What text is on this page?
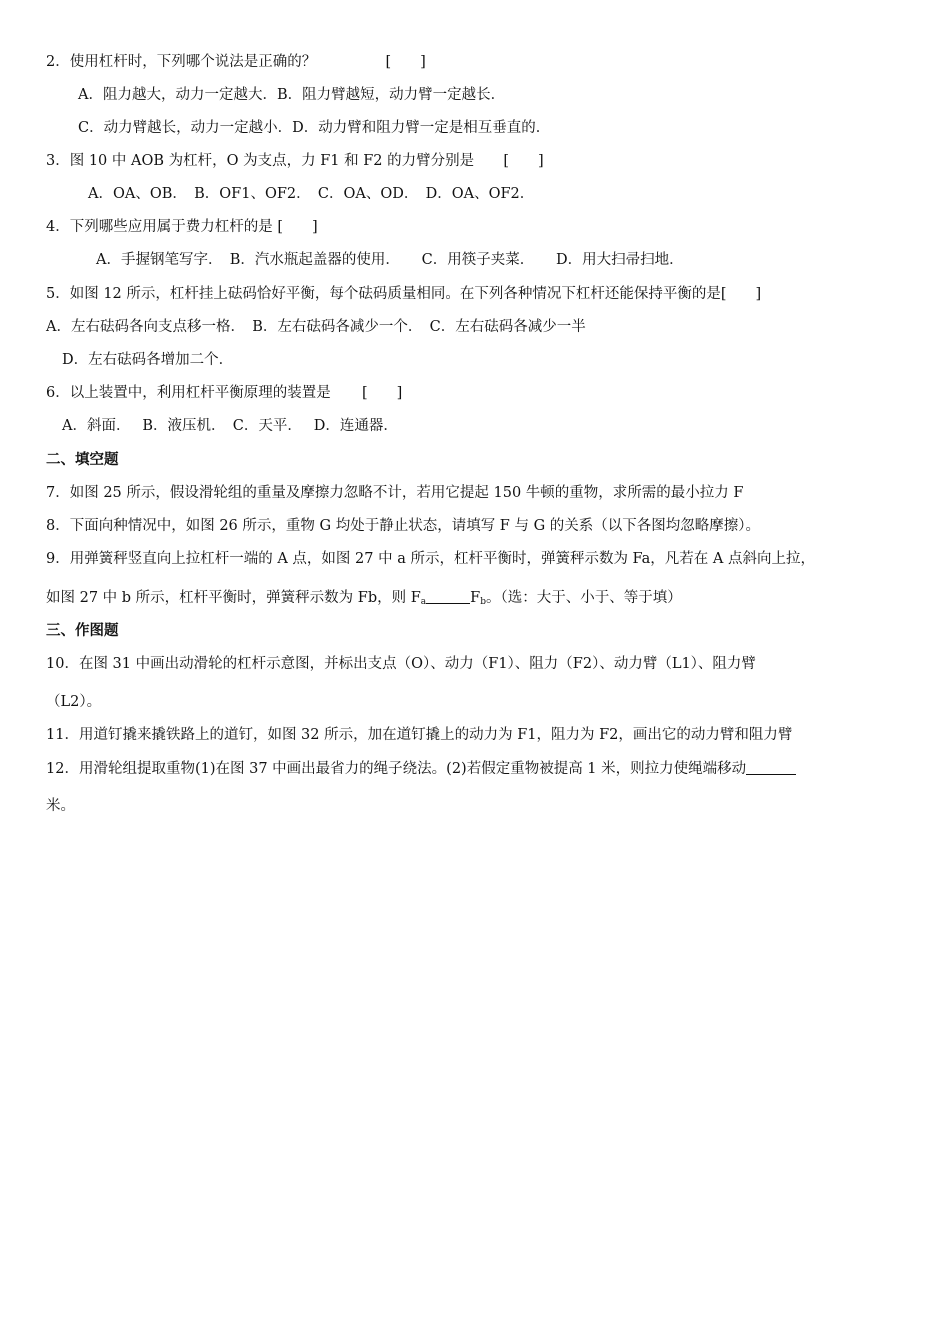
2．使用杠杆时，下列哪个说法是正确的？	[　　]
A．阻力越大，动力一定越大．B．阻力臂越短，动力臂一定越长．
C．动力臂越长，动力一定越小．D．动力臂和阻力臂一定是相互垂直的．
3．图 10 中 AOB 为杠杆，O 为支点，力 F1 和 F2 的力臂分别是 [　　]
A．OA、OB．　B．OF1、OF2．　C．OA、OD．　D．OA、OF2．
4．下列哪些应用属于费力杠杆的是 [　　]
A．手握钢笔写字．　B．汽水瓶起盖器的使用．　　C．用筷子夹菜．　　D．用大扫帚扫地．
5．如图 12 所示，杠杆挂上砝码恰好平衡，每个砝码质量相同。在下列各种情况下杠杆还能保持平衡的是[　　]
A．左右砝码各向支点移一格．　B．左右砝码各减少一个．　C．左右砝码各减少一半
D．左右砝码各增加二个．
6．以上装置中，利用杠杆平衡原理的装置是 [　　]
A．斜面．　 B．液压机．　C．天平．　 D．连通器．
二、填空题
7．如图 25 所示，假设滑轮组的重量及摩擦力忽略不计，若用它提起 150 牛顿的重物，求所需的最小拉力 F
8．下面向种情况中，如图 26 所示，重物 G 均处于静止状态，请填写 F 与 G 的关系（以下各图均忽略摩擦）。
9．用弹簧秤竖直向上拉杠杆一端的 A 点，如图 27 中 a 所示，杠杆平衡时，弹簧秤示数为 Fa，凡若在 A 点斜向上拉，
如图 27 中 b 所示，杠杆平衡时，弹簧秤示数为 Fb，则 $F_a$	$F_b$。（选：大于、小于、等于填）
三、作图题
10．在图 31 中画出动滑轮的杠杆示意图，并标出支点（O）、动力（F1）、阻力（F2）、动力臂（L1）、阻力臂
（L2）。
11．用道钉撬来撬铁路上的道钉，如图 32 所示，加在道钉撬上的动力为 F1，阻力为 F2，画出它的动力臂和阻力臂
12．用滑轮组提取重物(1)在图 37 中画出最省力的绳子绕法。(2)若假定重物被提高 1 米，则拉力使绳端移动
米。
